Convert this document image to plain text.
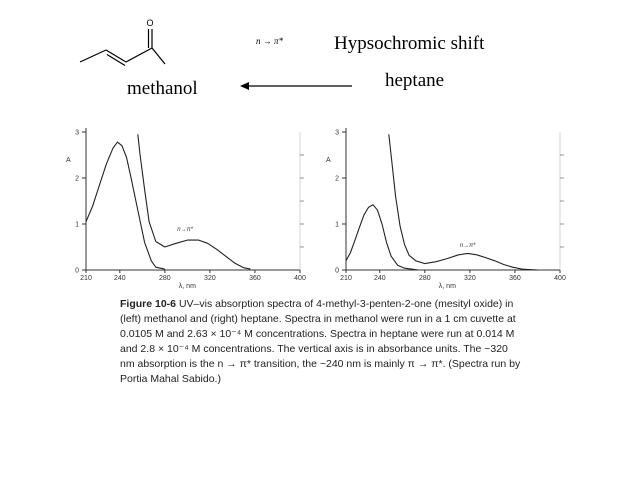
O
n → π*	Hypsochromic shift
methanol	heptane
0
1
2
3
210	240	280	320	360	400
A
λ, nm
n→π*
0
1
2
3
210	240	280	320	360	400
A
λ, nm
n→π*
Figure 10-6 UV–vis absorption spectra of 4-methyl-3-penten-2-one (mesityl oxide) in (left) methanol and (right) heptane. Spectra in methanol were run in a 1 cm cuvette at 0.0105 M and 2.63 × 10⁻⁴ M concentrations. Spectra in heptane were run at 0.014 M and 2.8 × 10⁻⁴ M concentrations. The vertical axis is in absorbance units. The ~320 nm absorption is the n → π* transition, the ~240 nm is mainly π → π*. (Spectra run by Portia Mahal Sabido.)
